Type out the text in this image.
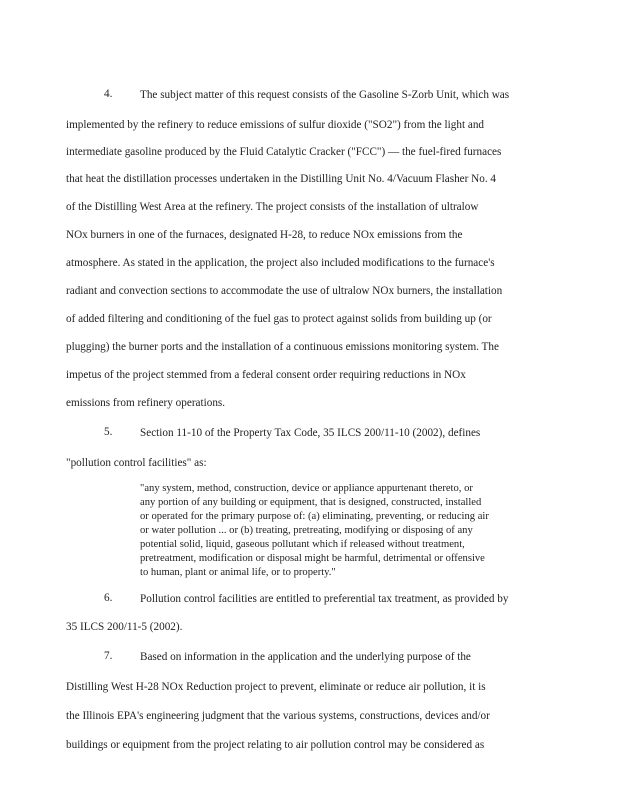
4. The subject matter of this request consists of the Gasoline S-Zorb Unit, which was
implemented by the refinery to reduce emissions of sulfur dioxide ("SO2") from the light and
intermediate gasoline produced by the Fluid Catalytic Cracker ("FCC") — the fuel-fired furnaces
that heat the distillation processes undertaken in the Distilling Unit No. 4/Vacuum Flasher No. 4
of the Distilling West Area at the refinery. The project consists of the installation of ultralow
NOx burners in one of the furnaces, designated H-28, to reduce NOx emissions from the
atmosphere. As stated in the application, the project also included modifications to the furnace's
radiant and convection sections to accommodate the use of ultralow NOx burners, the installation
of added filtering and conditioning of the fuel gas to protect against solids from building up (or
plugging) the burner ports and the installation of a continuous emissions monitoring system. The
impetus of the project stemmed from a federal consent order requiring reductions in NOx
emissions from refinery operations.
5. Section 11-10 of the Property Tax Code, 35 ILCS 200/11-10 (2002), defines
"pollution control facilities" as:
"any system, method, construction, device or appliance appurtenant thereto, or
any portion of any building or equipment, that is designed, constructed, installed
or operated for the primary purpose of: (a) eliminating, preventing, or reducing air
or water pollution ... or (b) treating, pretreating, modifying or disposing of any
potential solid, liquid, gaseous pollutant which if released without treatment,
pretreatment, modification or disposal might be harmful, detrimental or offensive
to human, plant or animal life, or to property."
6. Pollution control facilities are entitled to preferential tax treatment, as provided by
35 ILCS 200/11-5 (2002).
7. Based on information in the application and the underlying purpose of the
Distilling West H-28 NOx Reduction project to prevent, eliminate or reduce air pollution, it is
the Illinois EPA's engineering judgment that the various systems, constructions, devices and/or
buildings or equipment from the project relating to air pollution control may be considered as
